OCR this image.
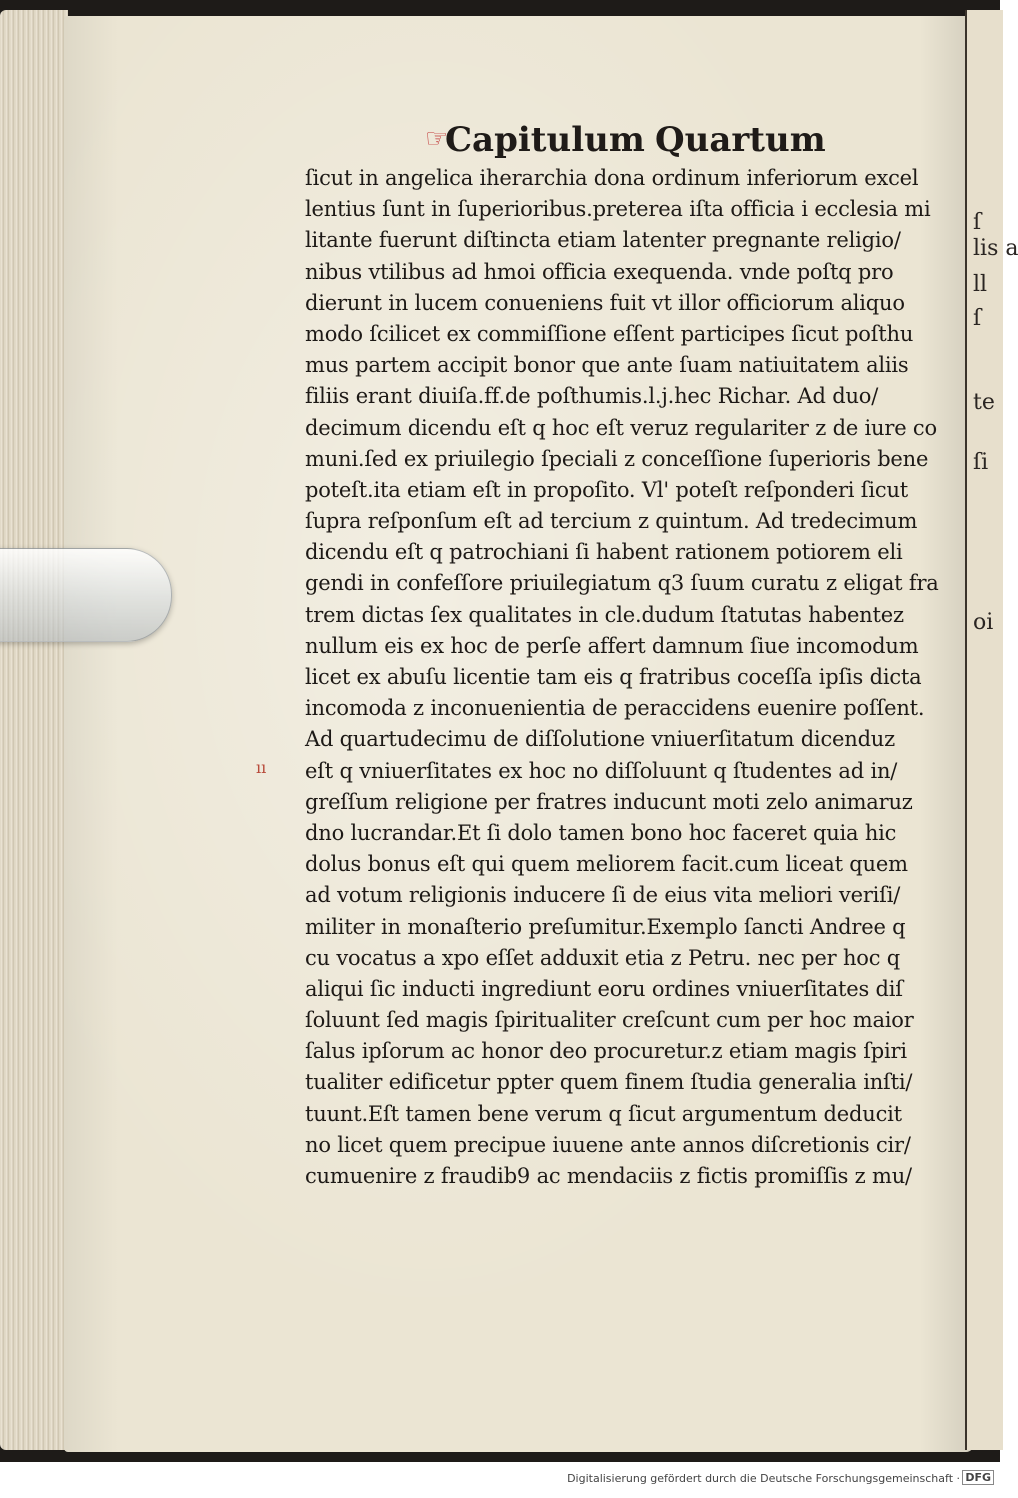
ſ
lis a
ll
ſ
te
ſi
oi
☞
Capitulum Quartum
ıı
ſicut in angelica iherarchia dona ordinum inferiorum excel
lentius ſunt in ſuperioribus.preterea iſta officia i ecclesia mi
litante fuerunt diſtincta etiam latenter pregnante religio/
nibus vtilibus ad hmoi officia exequenda. vnde poſtq pro
dierunt in lucem conueniens fuit vt illor officiorum aliquo
modo ſcilicet ex commiſſione eſſent participes ſicut poſthu
mus partem accipit bonor que ante ſuam natiuitatem aliis
filiis erant diuiſa.ff.de poſthumis.l.j.hec Richar. Ad duo/
decimum dicendu eſt q hoc eſt veruz regulariter z de iure co
muni.ſed ex priuilegio ſpeciali z conceſſione ſuperioris bene
poteſt.ita etiam eſt in propoſito. Vl' poteſt reſponderi ſicut
ſupra reſponſum eſt ad tercium z quintum. Ad tredecimum
dicendu eſt q patrochiani ſi habent rationem potiorem eli
gendi in confeſſore priuilegiatum q3 ſuum curatu z eligat fra
trem dictas ſex qualitates in cle.dudum ſtatutas habentez
nullum eis ex hoc de perſe affert damnum ſiue incomodum
licet ex abuſu licentie tam eis q fratribus coceſſa ipſis dicta
incomoda z inconuenientia de peraccidens euenire poſſent.
Ad quartudecimu de diſſolutione vniuerſitatum dicenduz
eſt q vniuerſitates ex hoc no diſſoluunt q ſtudentes ad in/
greſſum religione per fratres inducunt moti zelo animaruz
dno lucrandar.Et ſi dolo tamen bono hoc faceret quia hic
dolus bonus eſt qui quem meliorem facit.cum liceat quem
ad votum religionis inducere ſi de eius vita meliori veriſi/
militer in monaſterio preſumitur.Exemplo ſancti Andree q
cu vocatus a xpo eſſet adduxit etia z Petru. nec per hoc q
aliqui ſic inducti ingrediunt eoru ordines vniuerſitates diſ
ſoluunt ſed magis ſpiritualiter creſcunt cum per hoc maior
ſalus ipſorum ac honor deo procuretur.z etiam magis ſpiri
tualiter edificetur ppter quem finem ſtudia generalia inſti/
tuunt.Eſt tamen bene verum q ſicut argumentum deducit
no licet quem precipue iuuene ante annos diſcretionis cir/
cumuenire z fraudib9 ac mendaciis z fictis promiſſis z mu/
Digitalisierung gefördert durch die Deutsche Forschungsgemeinschaft · DFG
